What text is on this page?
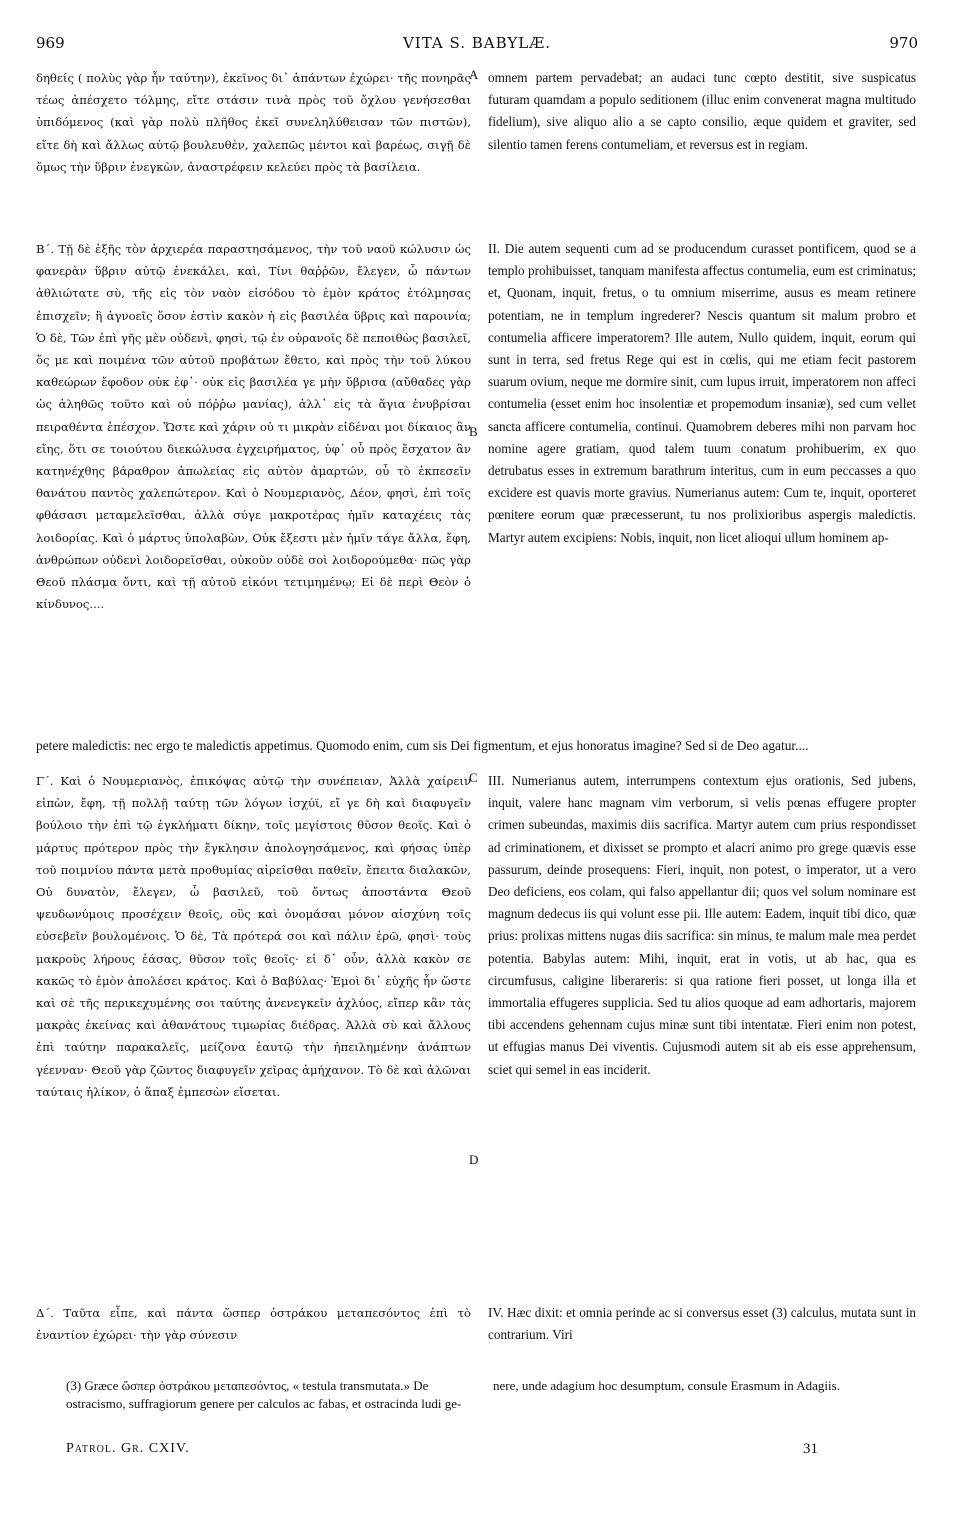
969	VITA S. BABYLÆ.	970

δηθείς ( πολὺς γὰρ ἦν ταύτην), ἐκεῖνος δι᾽ ἁπάντων ἐχώρει· τῆς πονηρᾶς τέως ἀπέσχετο τόλμης, εἴτε στάσιν τινὰ πρὸς τοῦ ὄχλου γενήσεσθαι ὑπιδόμενος (καὶ γὰρ πολὺ πλῆθος ἐκεῖ συνεληλύθεισαν τῶν πιστῶν), εἴτε δὴ καὶ ἄλλως αὐτῷ βουλευθὲν, χαλεπῶς μέντοι καὶ βαρέως, σιγῇ δὲ ὅμως τὴν ὕβριν ἐνεγκὼν, ἀναστρέφειν κελεύει πρὸς τὰ βασίλεια.

A omnem partem pervadebat; an audaci tunc cœpto destitit, sive suspicatus futuram quamdam a populo seditionem (illuc enim convenerat magna multitudo fidelium), sive aliquo alio a se capto consilio, æque quidem et graviter, sed silentio tamen ferens contumeliam, et reversus est in regiam.

Β΄. Τῇ δὲ ἑξῆς τὸν ἀρχιερέα παραστησάμενος, τὴν τοῦ ναοῦ κώλυσιν ὡς φανερὰν ὕβριν αὐτῷ ἐνεκάλει, καὶ, Τίνι θαῤῥῶν, ἔλεγεν, ὦ πάντων ἀθλιώτατε σὺ, τῆς εἰς τὸν ναὸν εἰσόδου τὸ ἐμὸν κράτος ἐτόλμησας ἐπισχεῖν; ἢ ἀγνοεῖς ὅσον ἐστὶν κακὸν ἡ εἰς βασιλέα ὕβρις καὶ παροινία; Ὁ δὲ, Τῶν ἐπὶ γῆς μὲν οὐδενὶ, φησὶ, τῷ ἐν οὐρανοῖς δὲ πεποιθὼς βασιλεῖ, ὅς με καὶ ποιμένα τῶν αὐτοῦ προβάτων ἔθετο, καὶ πρὸς τὴν τοῦ λύκου καθεώρων ἔφοδον οὐκ ἐφ᾽· οὐκ εἰς βασιλέα γε μὴν ὕβρισα (αὔθαδες γὰρ ὡς ἀληθῶς τοῦτο καὶ οὐ πόῤῥω μανίας), ἀλλ᾽ εἰς τὰ ἅγια ἐνυβρίσαι πειραθέντα ἐπέσχον. Ὥστε καὶ χάριν οὐ τι μικρὰν εἰδέναι μοι δίκαιος ἂν εἴης, ὅτι σε τοιούτου διεκώλυσα ἐγχειρήματος, ὑφ᾽ οὗ πρὸς ἔσχατον ἂν κατηνέχθης βάραθρον ἀπωλείας εἰς αὐτὸν ἁμαρτών, οὗ τὸ ἐκπεσεῖν θανάτου παντὸς χαλεπώτερον. Καὶ ὁ Νουμεριανὸς, Δέον, φησὶ, ἐπὶ τοῖς φθάσασι μεταμελεῖσθαι, ἀλλὰ σύγε μακροτέρας ἡμῖν καταχέεις τὰς λοιδορίας. Καὶ ὁ μάρτυς ὑπολαβὼν, Οὐκ ἔξεστι μὲν ἡμῖν τάγε ἄλλα, ἔφη, ἀνθρώπων οὐδενὶ λοιδορεῖσθαι, οὐκοῦν οὐδὲ σοὶ λοιδορούμεθα· πῶς γὰρ Θεοῦ πλάσμα ὄντι, καὶ τῇ αὐτοῦ εἰκόνι τετιμημένῳ; Εἰ δὲ περὶ Θεὸν ὁ κίνδυνος....

B

II. Die autem sequenti cum ad se producendum curasset pontificem, quod se a templo prohibuisset, tanquam manifesta affectus contumelia, eum est criminatus; et, Quonam, inquit, fretus, o tu omnium miserrime, ausus es meam retinere potentiam, ne in templum ingrederer? Nescis quantum sit malum probro et contumelia afficere imperatorem? Ille autem, Nullo quidem, inquit, eorum qui sunt in terra, sed fretus Rege qui est in cœlis, qui me etiam fecit pastorem suarum ovium, neque me dormire sinit, cum lupus irruit, imperatorem non affeci contumelia (esset enim hoc insolentiæ et propemodum insaniæ), sed cum vellet sancta afficere contumelia, continui. Quamobrem deberes mihi non parvam hoc nomine agere gratiam, quod talem tuum conatum prohibuerim, ex quo detrubatus esses in extremum barathrum interitus, cum in eum peccasses a quo excidere est quavis morte gravius. Numerianus autem: Cum te, inquit, oporteret pœnitere eorum quæ præcesserunt, tu nos prolixioribus aspergis maledictis. Martyr autem excipiens: Nobis, inquit, non licet alioqui ullum hominem ap-

petere maledictis: nec ergo te maledictis appetimus. Quomodo enim, cum sis Dei figmentum, et ejus honoratus imagine? Sed si de Deo agatur....

Γ΄. Καὶ ὁ Νουμεριανὸς, ἐπικόψας αὐτῷ τὴν συνέπειαν, Ἀλλὰ χαίρειν εἰπὼν, ἔφη, τῇ πολλῇ ταύτῃ τῶν λόγων ἰσχύϊ, εἴ γε δὴ καὶ διαφυγεῖν βούλοιο τὴν ἐπὶ τῷ ἐγκλήματι δίκην, τοῖς μεγίστοις θῦσον θεοῖς. Καὶ ὁ μάρτυς πρότερον πρὸς τὴν ἔγκλησιν ἀπολογησάμενος, καὶ φήσας ὑπὲρ τοῦ ποιμνίου πάντα μετὰ προθυμίας αἱρεῖσθαι παθεῖν, ἔπειτα διαλακῶν, Οὐ δυνατὸν, ἔλεγεν, ὦ βασιλεῦ, τοῦ ὄντως ἀποστάντα Θεοῦ ψευδωνύμοις προσέχειν θεοῖς, οὓς καὶ ὀνομάσαι μόνον αἰσχύνη τοῖς εὐσεβεῖν βουλομένοις. Ὁ δὲ, Τὰ πρότερά σοι καὶ πάλιν ἐρῶ, φησὶ· τοὺς μακροὺς λήρους ἐάσας, θῦσον τοῖς θεοῖς· εἰ δ᾽ οὖν, ἀλλὰ κακὸν σε κακῶς τὸ ἐμὸν ἀπολέσει κράτος. Καὶ ὁ Βαβύλας· Ἐμοὶ δι᾽ εὐχῆς ἦν ὥστε καὶ σὲ τῆς περικεχυμένης σοι ταύτης ἀνενεγκεῖν ἀχλύος, εἴπερ κἂν τὰς μακρὰς ἐκείνας καὶ ἀθανάτους τιμωρίας διέδρας. Ἀλλὰ σὺ καὶ ἄλλους ἐπὶ ταύτην παρακαλεῖς, μείζονα ἑαυτῷ τὴν ἠπειλημένην ἀνάπτων γέενναν· Θεοῦ γὰρ ζῶντος διαφυγεῖν χεῖρας ἀμήχανον. Τὸ δὲ καὶ ἁλῶναι ταύταις ἡλίκον, ὁ ἅπαξ ἐμπεσὼν εἴσεται.

C III. Numerianus autem, interrumpens contextum ejus orationis, Sed jubens, inquit, valere hanc magnam vim verborum, si velis pœnas effugere propter crimen subeundas, maximis diis sacrifica. Martyr autem cum prius respondisset ad criminationem, et dixisset se prompto et alacri animo pro grege quævis esse passurum, deinde prosequens: Fieri, inquit, non potest, o imperator, ut a vero Deo deficiens, eos colam, qui falso appellantur dii; quos vel solum nominare est magnum dedecus iis qui volunt esse pii. Ille autem: Eadem, inquit tibi dico, quæ prius: prolixas mittens nugas diis sacrifica: sin minus, te malum male mea perdet potentia. Babylas autem: Mihi, inquit, erat in votis, ut ab hac, qua es circumfusus, caligine liberareris: si qua ratione fieri posset, ut longa illa et immortalia effugeres supplicia. Sed tu alios quoque ad eam adhortaris, majorem tibi accendens gehennam cujus minæ sunt tibi intentatæ. Fieri enim non potest, ut effugias manus Dei viventis. Cujusmodi autem sit ab eis esse apprehensum, sciet qui semel in eas inciderit.

D

Δ΄. Ταῦτα εἶπε, καὶ πάντα ὥσπερ ὀστράκου μεταπεσόντος ἐπὶ τὸ ἐναντίον ἐχώρει· τὴν γὰρ σύνεσιν

IV. Hæc dixit: et omnia perinde ac si conversus esset (3) calculus, mutata sunt in contrarium. Viri

(3) Græce ὥσπερ ὀστράκου μεταπεσόντος, « testula transmutata.» De ostracismo, suffragiorum genere per calculos ac fabas, et ostracinda ludi ge-
nere, unde adagium hoc desumptum, consule Erasmum in Adagiis.
Patrol. Gr. CXIV.	31
